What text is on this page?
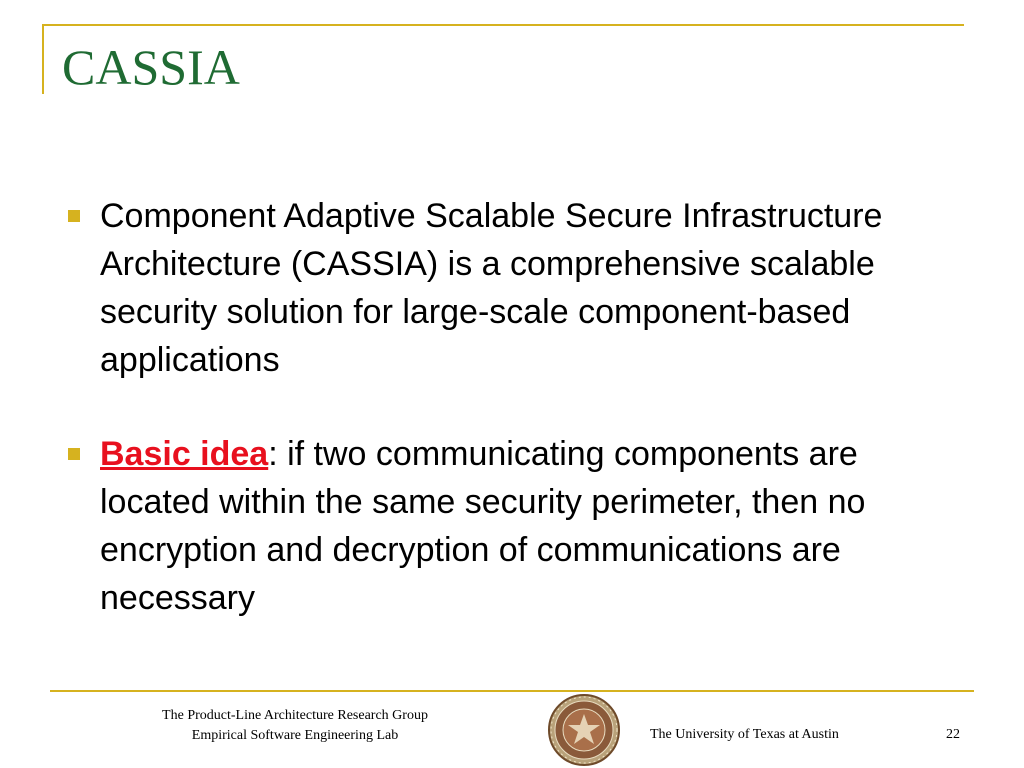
CASSIA
Component Adaptive Scalable Secure Infrastructure Architecture (CASSIA) is a comprehensive scalable security solution for large-scale component-based applications
Basic idea: if two communicating components are located within the same security perimeter, then no encryption and decryption of communications are necessary
The Product-Line Architecture Research Group
Empirical Software Engineering Lab	The University of Texas at Austin	22
